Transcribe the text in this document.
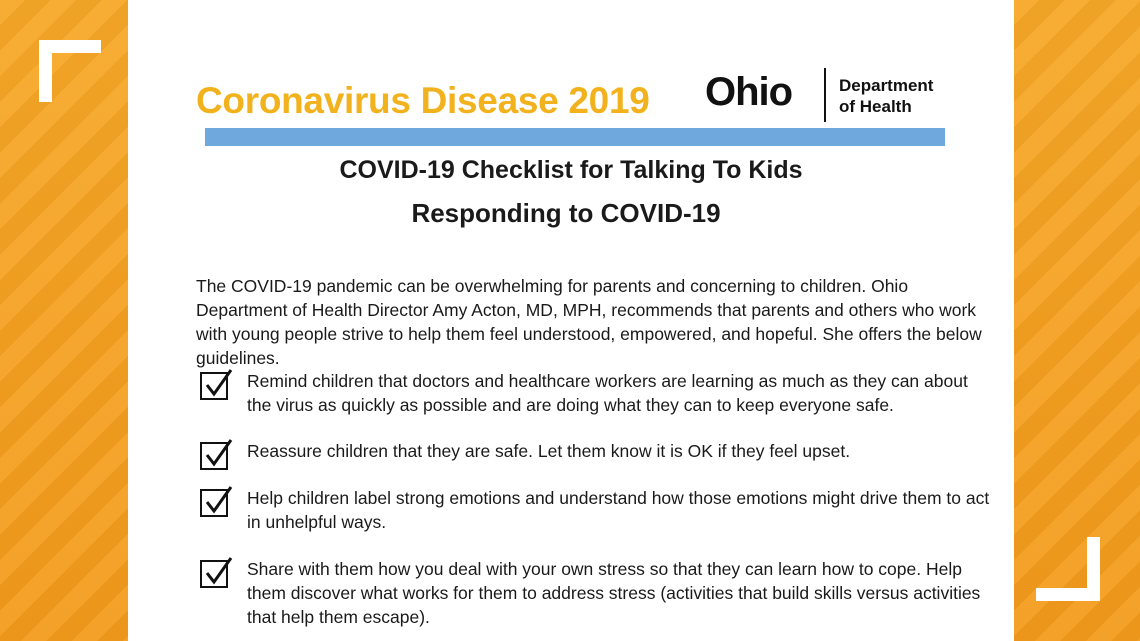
Coronavirus Disease 2019 Ohio	Department
of Health
COVID-19 Checklist for Talking To Kids
Responding to COVID-19
The COVID-19 pandemic can be overwhelming for parents and concerning to children. Ohio Department of Health Director Amy Acton, MD, MPH, recommends that parents and others who work with young people strive to help them feel understood, empowered, and hopeful. She offers the below guidelines.
Remind children that doctors and healthcare workers are learning as much as they can about the virus as quickly as possible and are doing what they can to keep everyone safe.
Reassure children that they are safe. Let them know it is OK if they feel upset.
Help children label strong emotions and understand how those emotions might drive them to act in unhelpful ways.
Share with them how you deal with your own stress so that they can learn how to cope. Help them discover what works for them to address stress (activities that build skills versus activities that help them escape).
